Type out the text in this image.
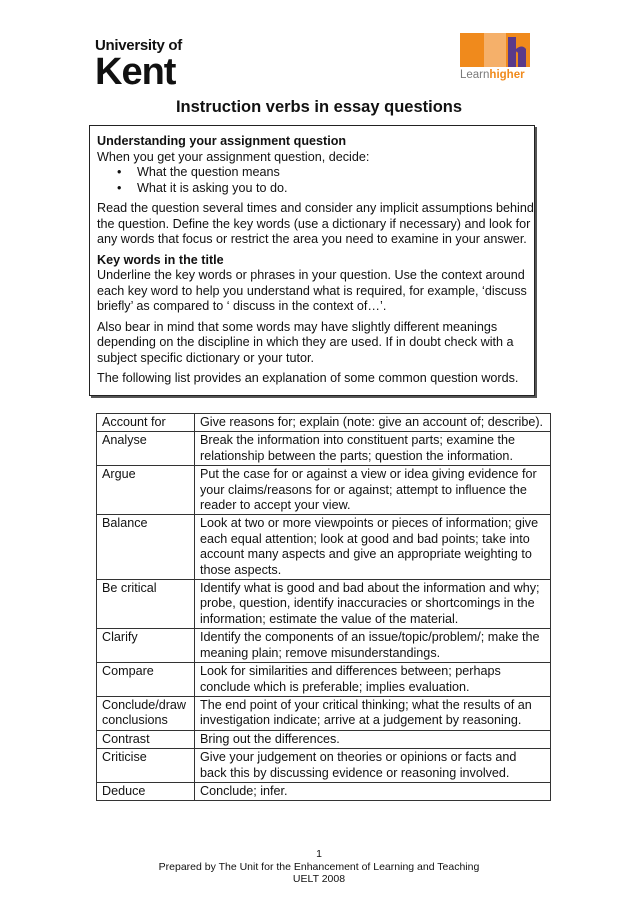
University of
Kent	Learnhigher
Instruction verbs in essay questions

Understanding your assignment question
When you get your assignment question, decide:

• What the question means
• What it is asking you to do.

Read the question several times and consider any implicit assumptions behind the question. Define the key words (use a dictionary if necessary) and look for any words that focus or restrict the area you need to examine in your answer.

Key words in the title
Underline the key words or phrases in your question. Use the context around each key word to help you understand what is required, for example, ‘discuss briefly’ as compared to ‘ discuss in the context of…’.

Also bear in mind that some words may have slightly different meanings depending on the discipline in which they are used. If in doubt check with a subject specific dictionary or your tutor.

The following list provides an explanation of some common question words.

Account for	Give reasons for; explain (note: give an account of; describe).
Analyse	Break the information into constituent parts; examine the relationship between the parts; question the information.
Argue	Put the case for or against a view or idea giving evidence for your claims/reasons for or against; attempt to influence the reader to accept your view.
Balance	Look at two or more viewpoints or pieces of information; give each equal attention; look at good and bad points; take into account many aspects and give an appropriate weighting to those aspects.
Be critical	Identify what is good and bad about the information and why; probe, question, identify inaccuracies or shortcomings in the information; estimate the value of the material.
Clarify	Identify the components of an issue/topic/problem/; make the meaning plain; remove misunderstandings.
Compare	Look for similarities and differences between; perhaps conclude which is preferable; implies evaluation.
Conclude/draw conclusions	The end point of your critical thinking; what the results of an investigation indicate; arrive at a judgement by reasoning.
Contrast	Bring out the differences.
Criticise	Give your judgement on theories or opinions or facts and back this by discussing evidence or reasoning involved.
Deduce	Conclude; infer.
1
Prepared by The Unit for the Enhancement of Learning and Teaching
UELT 2008
